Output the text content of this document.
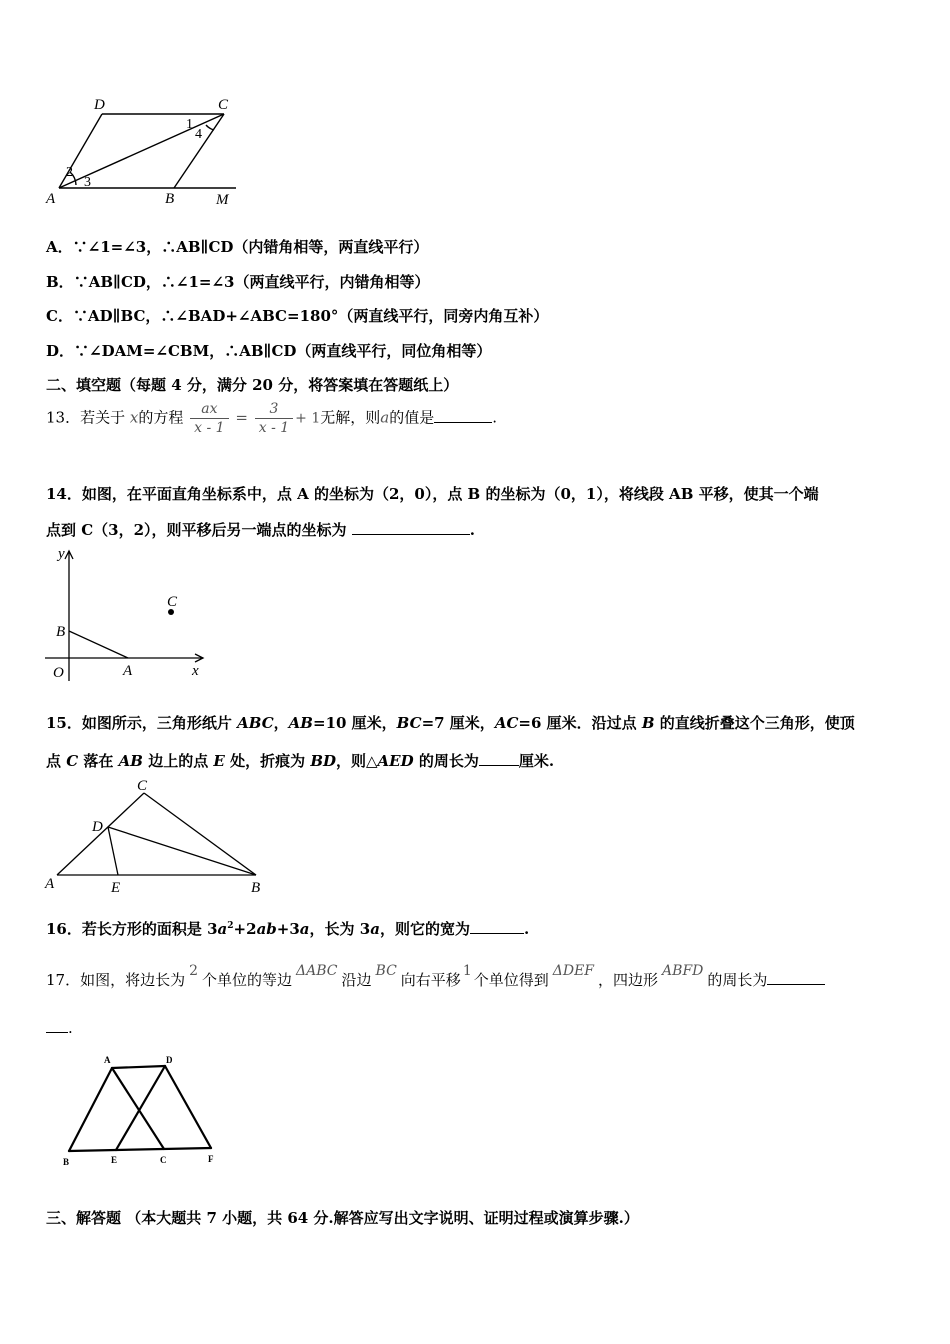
D	C
A	B	M
1
2
3
4
A．∵∠1=∠3，∴AB∥CD（内错角相等，两直线平行）
B．∵AB∥CD，∴∠1=∠3（两直线平行，内错角相等）
C．∵AD∥BC，∴∠BAD+∠ABC=180°（两直线平行，同旁内角互补）
D．∵∠DAM=∠CBM，∴AB∥CD（两直线平行，同位角相等）
二、填空题（每题 4 分，满分 20 分，将答案填在答题纸上）
13．若关于 x的方程 $\frac{ax}{x - 1} = \frac{3}{x - 1} + 1$无解，则a的值是	.
14．如图，在平面直角坐标系中，点 A 的坐标为（2，0），点 B 的坐标为（0，1），将线段 AB 平移，使其一个端
点到 C（3，2），则平移后另一端点的坐标为	.
y
x
O	A
B
C
15．如图所示，三角形纸片 ABC，AB=10 厘米，BC=7 厘米，AC=6 厘米．沿过点 B 的直线折叠这个三角形，使顶
点 C 落在 AB 边上的点 E 处，折痕为 BD，则△AED 的周长为	厘米.
C
D
A	E	B
16．若长方形的面积是 $3a^2+2ab+3a$，长为 3a，则它的宽为	.
17．如图，将边长为 2 个单位的等边 ΔABC 沿边 BC 向右平移 1 个单位得到 ΔDEF ，四边形 ABFD 的周长为
.
A	D
B	E	C	F
三、解答题 （本大题共 7 小题，共 64 分.解答应写出文字说明、证明过程或演算步骤.）
